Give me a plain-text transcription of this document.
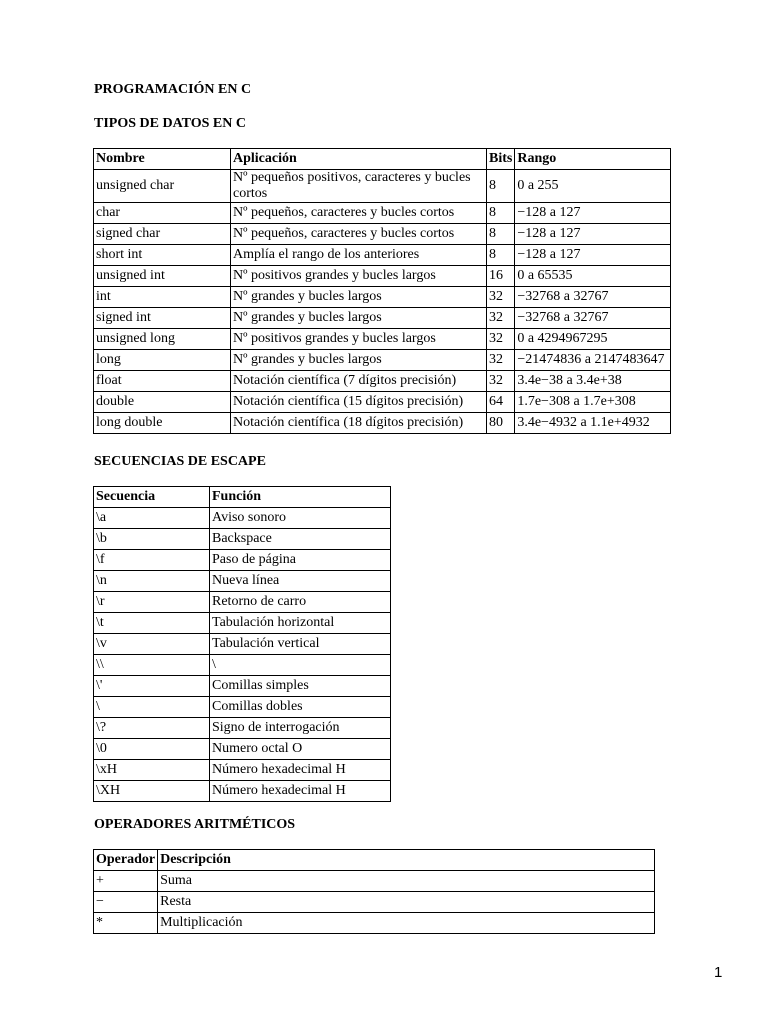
PROGRAMACIÓN EN C

TIPOS DE DATOS EN C

Nombre	Aplicación	Bits	Rango
unsigned char	Nº pequeños positivos, caracteres y bucles cortos	8	0 a 255
char	Nº pequeños, caracteres y bucles cortos	8	−128 a 127
signed char	Nº pequeños, caracteres y bucles cortos	8	−128 a 127
short int	Amplía el rango de los anteriores	8	−128 a 127
unsigned int	Nº positivos grandes y bucles largos	16	0 a 65535
int	Nº grandes y bucles largos	32	−32768 a 32767
signed int	Nº grandes y bucles largos	32	−32768 a 32767
unsigned long	Nº positivos grandes y bucles largos	32	0 a 4294967295
long	Nº grandes y bucles largos	32	−21474836 a 2147483647
float	Notación científica (7 dígitos precisión)	32	3.4e−38 a 3.4e+38
double	Notación científica (15 dígitos precisión)	64	1.7e−308 a 1.7e+308
long double	Notación científica (18 dígitos precisión)	80	3.4e−4932 a 1.1e+4932

SECUENCIAS DE ESCAPE

Secuencia	Función
\a	Aviso sonoro
\b	Backspace
\f	Paso de página
\n	Nueva línea
\r	Retorno de carro
\t	Tabulación horizontal
\v	Tabulación vertical
\\	\
\'	Comillas simples
\	Comillas dobles
\?	Signo de interrogación
\0	Numero octal O
\xH	Número hexadecimal H
\XH	Número hexadecimal H

OPERADORES ARITMÉTICOS

Operador	Descripción
+	Suma
−	Resta
*	Multiplicación
1
